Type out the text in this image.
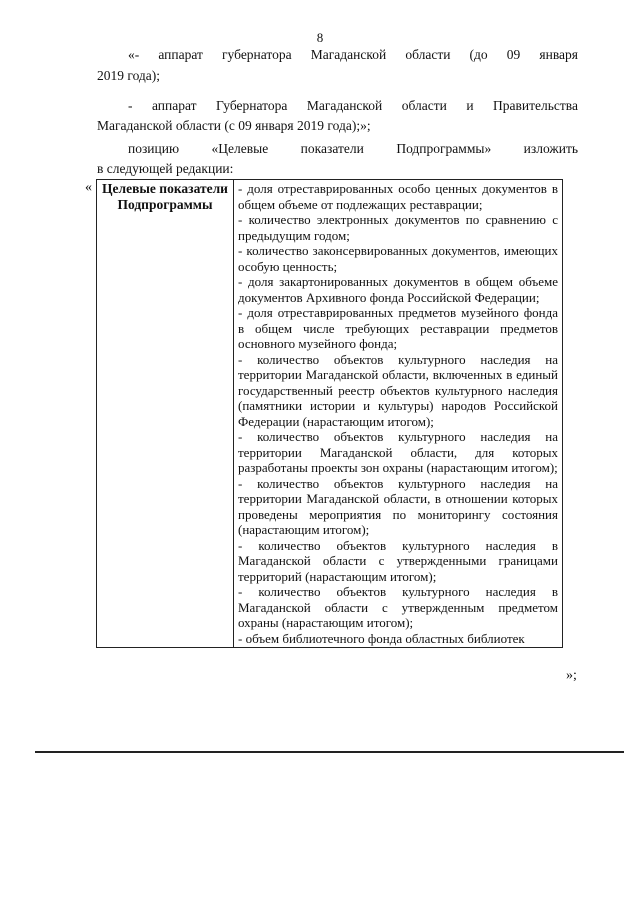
8
«- аппарат губернатора Магаданской области (до 09 января
2019 года);
- аппарат Губернатора Магаданской области и Правительства
Магаданской области (с 09 января 2019 года);»;
позицию «Целевые показатели Подпрограммы» изложить
в следующей редакции:
« Целевые показатели Подпрограммы	
- доля отреставрированных особо ценных документов в общем объеме от подлежащих реставрации;
- количество электронных документов по сравнению с предыдущим годом;
- количество законсервированных документов, имеющих особую ценность;
- доля закартонированных документов в общем объеме документов Архивного фонда Российской Федерации;
- доля отреставрированных предметов музейного фонда в общем числе требующих реставрации предметов основного музейного фонда;
- количество объектов культурного наследия на территории Магаданской области, включенных в единый государственный реестр объектов культурного наследия (памятники истории и культуры) народов Российской Федерации (нарастающим итогом);
- количество объектов культурного наследия на территории Магаданской области, для которых разработаны проекты зон охраны (нарастающим итогом);
- количество объектов культурного наследия на территории Магаданской области, в отношении которых проведены мероприятия по мониторингу состояния (нарастающим итогом);
- количество объектов культурного наследия в Магаданской области с утвержденными границами территорий (нарастающим итогом);
- количество объектов культурного наследия в Магаданской области с утвержденным предметом охраны (нарастающим итогом);
- объем библиотечного фонда областных библиотек
»;
